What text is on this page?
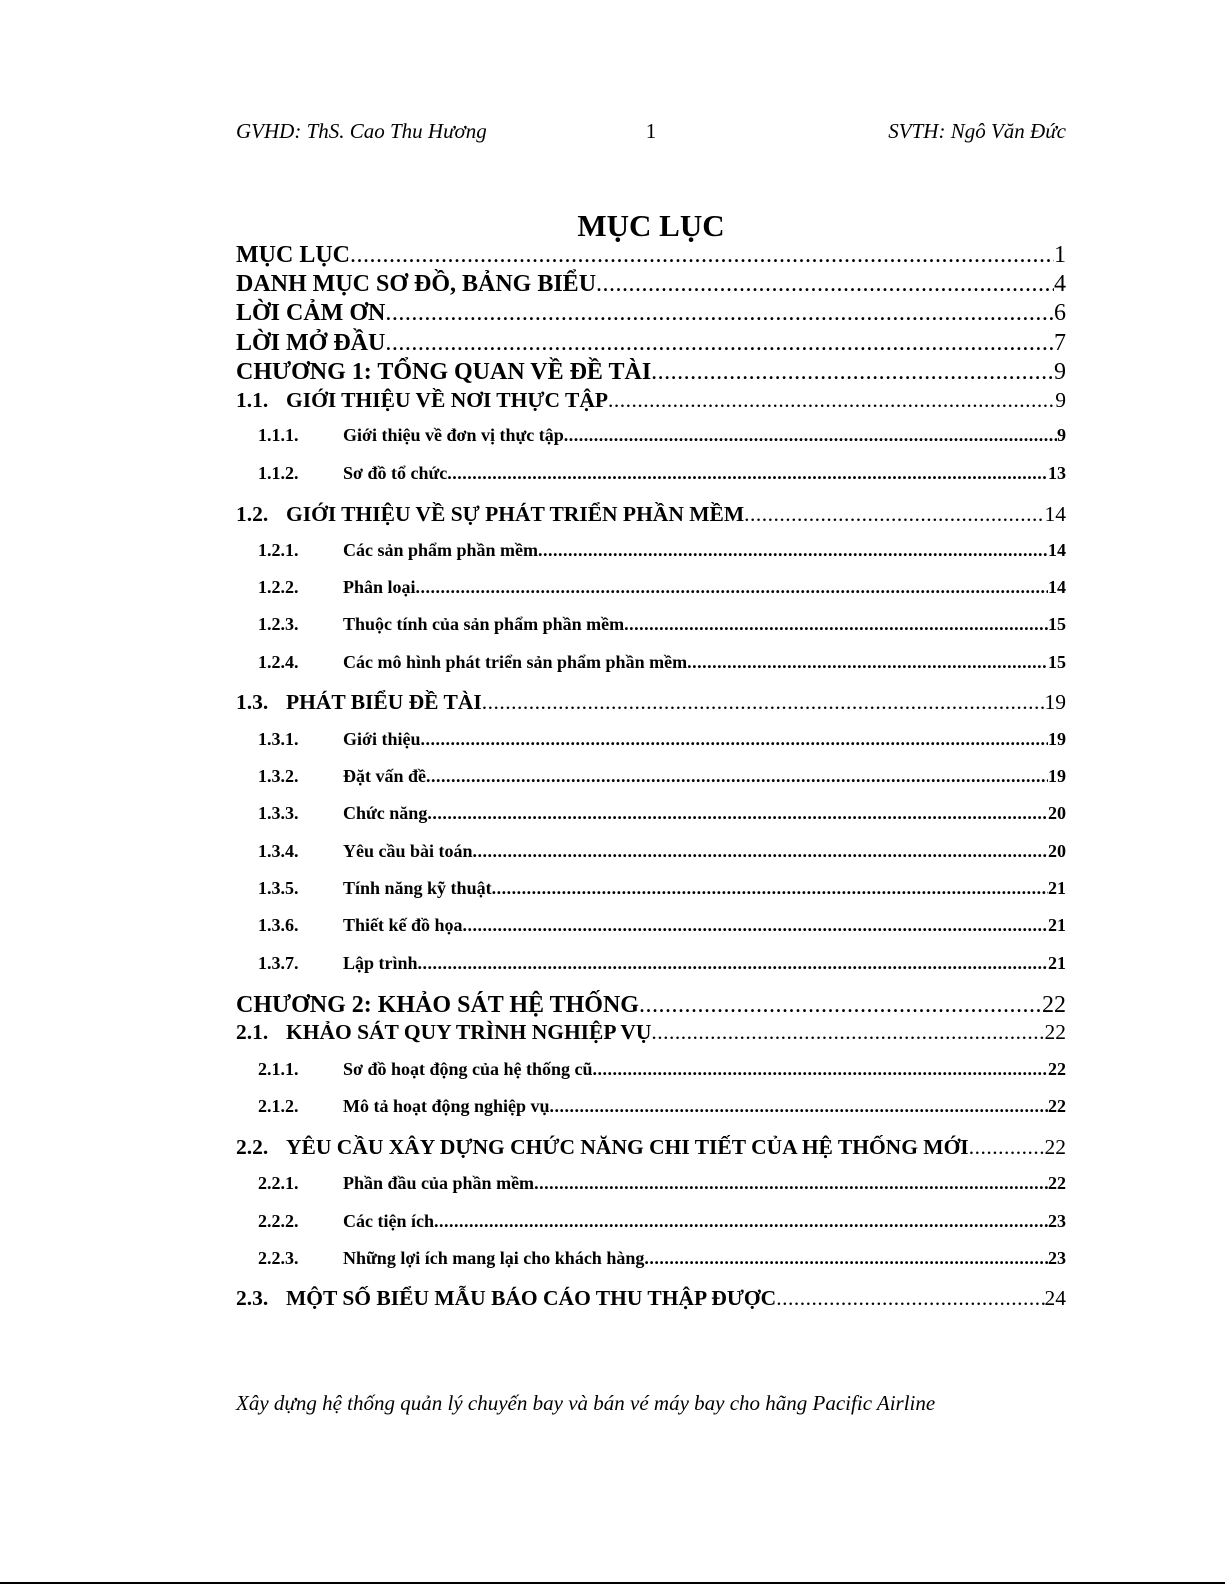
GVHD: ThS. Cao Thu Hương	1	SVTH: Ngô Văn Đức
MỤC LỤC
MỤC LỤC .....	1
DANH MỤC SƠ ĐỒ, BẢNG BIỂU .....	4
LỜI CẢM ƠN .....	6
LỜI MỞ ĐẦU .....	7
CHƯƠNG 1: TỔNG QUAN VỀ ĐỀ TÀI .....	9
1.1. GIỚI THIỆU VỀ NƠI THỰC TẬP .....	9
1.1.1.	Giới thiệu về đơn vị thực tập .....	9
1.1.2.	Sơ đồ tổ chức .....	13
1.2. GIỚI THIỆU VỀ SỰ PHÁT TRIỂN PHẦN MỀM .....	14
1.2.1.	Các sản phẩm phần mềm .....	14
1.2.2.	Phân loại .....	14
1.2.3.	Thuộc tính của sản phẩm phần mềm .....	15
1.2.4.	Các mô hình phát triển sản phẩm phần mềm .....	15
1.3. PHÁT BIỂU ĐỀ TÀI .....	19
1.3.1.	Giới thiệu .....	19
1.3.2.	Đặt vấn đề .....	19
1.3.3.	Chức năng .....	20
1.3.4.	Yêu cầu bài toán .....	20
1.3.5.	Tính năng kỹ thuật .....	21
1.3.6.	Thiết kế đồ họa .....	21
1.3.7.	Lập trình .....	21
CHƯƠNG 2: KHẢO SÁT HỆ THỐNG .....	22
2.1. KHẢO SÁT QUY TRÌNH NGHIỆP VỤ .....	22
2.1.1.	Sơ đồ hoạt động của hệ thống cũ .....	22
2.1.2.	Mô tả hoạt động nghiệp vụ .....	22
2.2. YÊU CẦU XÂY DỰNG CHỨC NĂNG CHI TIẾT CỦA HỆ THỐNG MỚI .....	22
2.2.1.	Phần đầu của phần mềm .....	22
2.2.2.	Các tiện ích .....	23
2.2.3.	Những lợi ích mang lại cho khách hàng .....	23
2.3. MỘT SỐ BIỂU MẪU BÁO CÁO THU THẬP ĐƯỢC .....	24
Xây dựng hệ thống quản lý chuyến bay và bán vé máy bay cho hãng Pacific Airline
